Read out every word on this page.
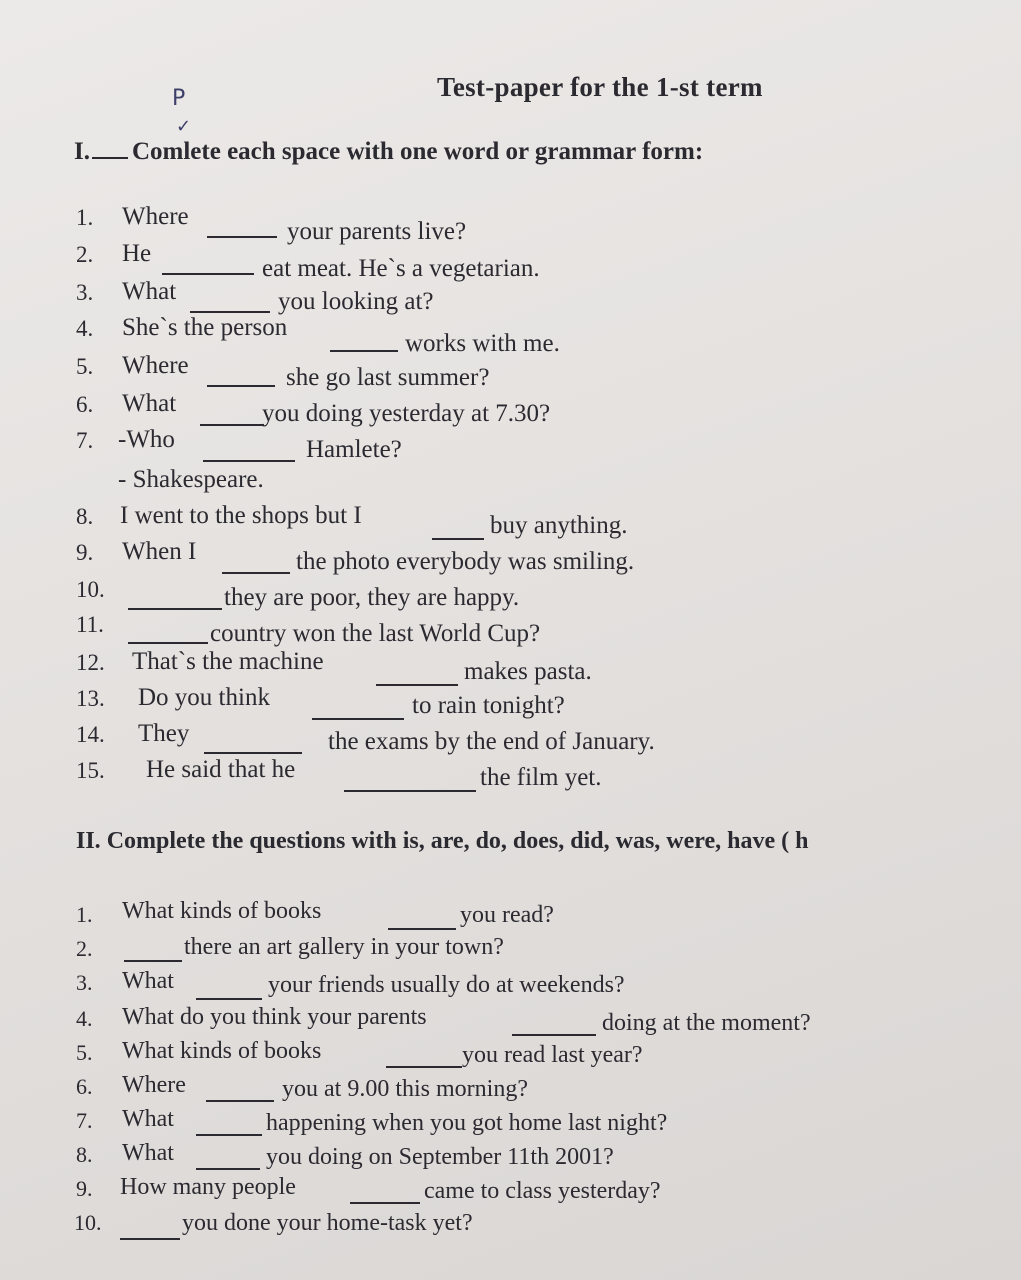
Test-paper for the 1-st term
P
✓
I. Comlete each space with one word or grammar form:
1. Where
your parents live?
2. He
eat meat. He`s a vegetarian.
3. What	you looking at?
4. She`s the person
works with me.
5. Where	she go last summer?
6. What	you doing yesterday at 7.30?
7. -Who	Hamlete?
- Shakespeare.
8. I went to the shops but I	buy anything.
9. When I	the photo everybody was smiling.
10.	they are poor, they are happy.
11.	country won the last World Cup?
12. That`s the machine	makes pasta.
13. Do you think	to rain tonight?
14. They	the exams by the end of January.
15. He said that he	the film yet.
II. Complete the questions with is, are, do, does, did, was, were, have ( h
1. What kinds of books	you read?
2.	there an art gallery in your town?
3. What	your friends usually do at weekends?
4. What do you think your parents	doing at the moment?
5. What kinds of books	you read last year?
6. Where	you at 9.00 this morning?
7. What	happening when you got home last night?
8. What	you doing on September 11th 2001?
9. How many people	came to class yesterday?
10.	you done your home-task yet?
